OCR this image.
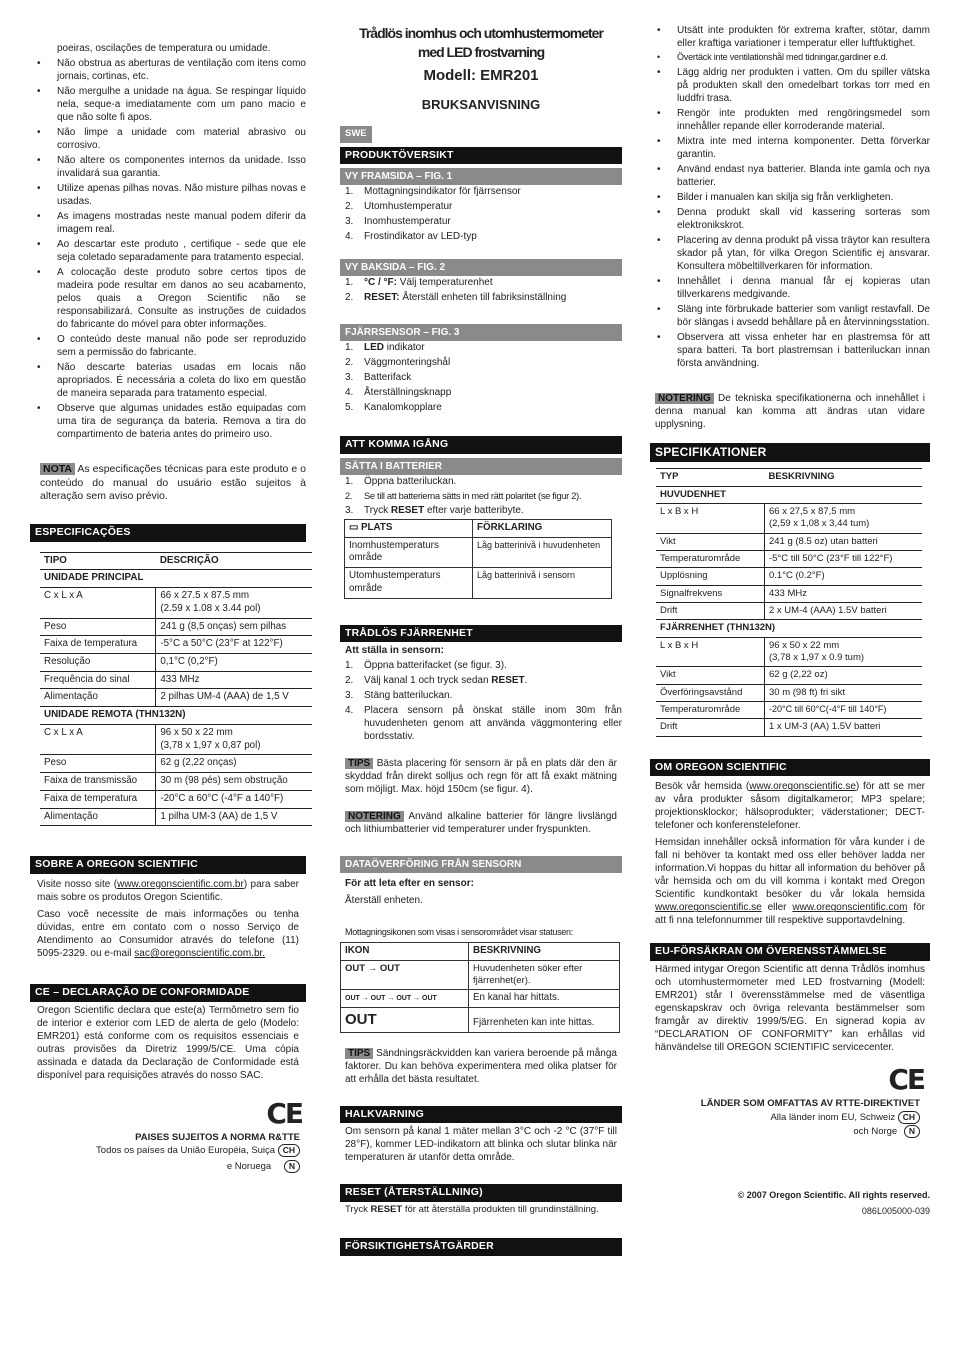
poeiras, oscilações de temperatura ou umidade.
• Não obstrua as aberturas de ventilação com itens como jornais, cortinas, etc.
• Não mergulhe a unidade na água. Se respingar líquido nela, seque-a imediatamente com um pano macio e que não solte fi apos.
• Não limpe a unidade com material abrasivo ou corrosivo.
• Não altere os componentes internos da unidade. Isso invalidará sua garantia.
• Utilize apenas pilhas novas. Não misture pilhas novas e usadas.
• As imagens mostradas neste manual podem diferir da imagem real.
• Ao descartar este produto , certifique - sede que ele seja coletado separadamente para tratamento especial.
• A colocação deste produto sobre certos tipos de madeira pode resultar em danos ao seu acabamento, pelos quais a Oregon Scientific não se responsabilizará. Consulte as instruções de cuidados do fabricante do móvel para obter informações.
• O conteúdo deste manual não pode ser reproduzido sem a permissão do fabricante.
• Não descarte baterias usadas em locais não apropriados. É necessária a coleta do lixo em questão de maneira separada para tratamento especial.
• Observe que algumas unidades estão equipadas com uma tira de segurança da bateria. Remova a tira do compartimento de bateria antes do primeiro uso.

NOTA As especificações técnicas para este produto e o conteúdo do manual do usuário estão sujeitos à alteração sem aviso prévio.

ESPECIFICAÇÕES
TIPO	DESCRIÇÃO
UNIDADE PRINCIPAL	
C x L x A	66 x 27.5 x 87.5 mm
(2.59 x 1.08 x 3.44 pol)
Peso	241 g (8,5 onças) sem pilhas
Faixa de temperatura	-5°C a 50°C (23°F at 122°F)
Resolução	0,1°C (0,2°F)
Frequência do sinal	433 MHz
Alimentação	2 pilhas UM-4 (AAA) de 1,5 V
UNIDADE REMOTA (THN132N)	
C x L x A	96 x 50 x 22 mm
(3,78 x 1,97 x 0,87 pol)
Peso	62 g (2,22 onças)
Faixa de transmissão	30 m (98 pés) sem obstrução
Faixa de temperatura	-20°C a 60°C (-4°F a 140°F)
Alimentação	1 pilha UM-3 (AA) de 1,5 V
SOBRE A OREGON SCIENTIFIC

Visite nosso site (www.oregonscientific.com.br) para saber mais sobre os produtos Oregon Scientific.

Caso você necessite de mais informações ou tenha dúvidas, entre em contato com o nosso Serviço de Atendimento ao Consumidor através do telefone (11) 5095-2329. ou e-mail sac@oregonscientific.com.br.

CE – DECLARAÇÃO DE CONFORMIDADE

Oregon Scientific declara que este(a) Termômetro sem fio de interior e exterior com LED de alerta de gelo (Modelo: EMR201) está conforme com os requisitos essenciais e outras provisões da Diretriz 1999/5/CE. Uma cópia assinada e datada da Declaração de Conformidade está disponível para requisições através do nosso SAC.

CE
PAISES SUJEITOS A NORMA R&TTE
Todos os países da União Européia, Suiça CH
e Noruega N
Trådlös inomhus och utomhustermometer
med LED frostvarning
Modell: EMR201
BRUKSANVISNING
SWE
PRODUKTÖVERSIKT
VY FRAMSIDA – FIG. 1
1. Mottagningsindikator för fjärrsensor
2. Utomhustemperatur
3. Inomhustemperatur
4. Frostindikator av LED-typ
VY BAKSIDA – FIG. 2
1. °C / °F: Välj temperaturenhet
2. RESET: Återställ enheten till fabriksinställning
FJÄRRSENSOR – FIG. 3
1. LED indikator
2. Väggmonteringshål
3. Batterifack
4. Återställningsknapp
5. Kanalomkopplare
ATT KOMMA IGÅNG
SÄTTA I BATTERIER
1. Öppna batteriluckan.
2. Se till att batterierna sätts in med rätt polaritet (se figur 2).
3. Tryck RESET efter varje batteribyte.
▭ PLATS	FÖRKLARING
Inomhustemperaturs område	Låg batterinivå i huvudenheten
Utomhustemperaturs område	Låg batterinivå i sensorn
TRÅDLÖS FJÄRRENHET
Att ställa in sensorn:
1. Öppna batterifacket (se figur. 3).
2. Välj kanal 1 och tryck sedan RESET.
3. Stäng batteriluckan.
4. Placera sensorn på önskat ställe inom 30m från huvudenheten genom att använda väggmontering eller bordsstativ.

TIPS Bästa placering för sensorn är på en plats där den är skyddad från direkt solljus och regn för att få exakt mätning som möjligt. Max. höjd 150cm (se figur. 4).

NOTERING Använd alkaline batterier för längre livslängd och lithiumbatterier vid temperaturer under fryspunkten.

DATAÖVERFÖRING FRÅN SENSORN
För att leta efter en sensor:
Återställ enheten.
Mottagningsikonen som visas i sensorområdet visar statusen:
IKON	BESKRIVNING
OUT → OUT	Huvudenheten söker efter fjärrenhet(er).
OUT → OUT → OUT → OUT	En kanal har hittats.
OUT	Fjärrenheten kan inte hittas.

TIPS Sändningsräckvidden kan variera beroende på många faktorer. Du kan behöva experimentera med olika platser för att erhålla det bästa resultatet.

HALKVARNING

Om sensorn på kanal 1 mäter mellan 3°C och -2 °C (37°F till 28°F), kommer LED-indikatorn att blinka och slutar blinka när temperaturen är utanför detta område.

RESET (ÅTERSTÄLLNING)

Tryck RESET för att återställa produkten till grundinställning.

FÖRSIKTIGHETSÅTGÄRDER
• Utsätt inte produkten för extrema krafter, stötar, damm eller kraftiga variationer i temperatur eller luftfuktighet.
• Övertäck inte ventilationshål med tidningar,gardiner e.d.
• Lägg aldrig ner produkten i vatten. Om du spiller vätska på produkten skall den omedelbart torkas torr med en luddfri trasa.
• Rengör inte produkten med rengöringsmedel som innehåller repande eller korroderande material.
• Mixtra inte med interna komponenter. Detta förverkar garantin.
• Använd endast nya batterier. Blanda inte gamla och nya batterier.
• Bilder i manualen kan skilja sig från verkligheten.
• Denna produkt skall vid kassering sorteras som elektronikskrot.
• Placering av denna produkt på vissa träytor kan resultera skador på ytan, för vilka Oregon Scientific ej ansvarar. Konsultera möbeltillverkaren för information.
• Innehållet i denna manual får ej kopieras utan tillverkarens medgivande.
• Släng inte förbrukade batterier som vanligt restavfall. De bör slängas i avsedd behållare på en återvinningsstation.
• Observera att vissa enheter har en plastremsa för att spara batteri. Ta bort plastremsan i batteriluckan innan första användning.

NOTERING De tekniska specifikationerna och innehållet i denna manual kan komma att ändras utan vidare upplysning.

SPECIFIKATIONER
TYP	BESKRIVNING
HUVUDENHET	
L x B x H	66 x 27,5 x 87,5 mm
(2,59 x 1,08 x 3,44 tum)
Vikt	241 g (8.5 oz) utan batteri
Temperaturområde	-5°C till 50°C (23°F till 122°F)
Upplösning	0.1°C (0.2°F)
Signalfrekvens	433 MHz
Drift	2 x UM-4 (AAA) 1.5V batteri
FJÄRRENHET (THN132N)	
L x B x H	96 x 50 x 22 mm
(3,78 x 1,97 x 0.9 tum)
Vikt	62 g (2,22 oz)
Överföringsavstånd	30 m (98 ft) fri sikt
Temperaturområde	-20°C till 60°C(-4°F till 140°F)
Drift	1 x UM-3 (AA) 1.5V batteri
OM OREGON SCIENTIFIC

Besök vår hemsida (www.oregonscientific.se) för att se mer av våra produkter såsom digitalkameror; MP3 spelare; projektionsklockor; hälsoprodukter; väderstationer; DECT-telefoner och konferenstelefoner.

Hemsidan innehåller också information för våra kunder i de fall ni behöver ta kontakt med oss eller behöver ladda ner information.Vi hoppas du hittar all information du behöver på vår hemsida och om du vill komma i kontakt med Oregon Scientific kundkontakt besöker du vår lokala hemsida www.oregonscientific.se eller www.oregonscientific.com för att fi nna telefonnummer till respektive supportavdelning.

EU-FÖRSÄKRAN OM ÖVERENSSTÄMMELSE

Härmed intygar Oregon Scientific att denna Trådlös inomhus och utomhustermometer med LED frostvarning (Modell: EMR201) står I överensstämmelse med de väsentliga egenskapskrav och övriga relevanta bestämmelser som framgår av direktiv 1999/5/EG. En signerad kopia av “DECLARATION OF CONFORMITY” kan erhållas vid hänvändelse till OREGON SCIENTIFIC servicecenter.

CE
LÄNDER SOM OMFATTAS AV RTTE-DIREKTIVET
Alla länder inom EU, Schweiz CH
och Norge N
© 2007 Oregon Scientific. All rights reserved.
086L005000-039
